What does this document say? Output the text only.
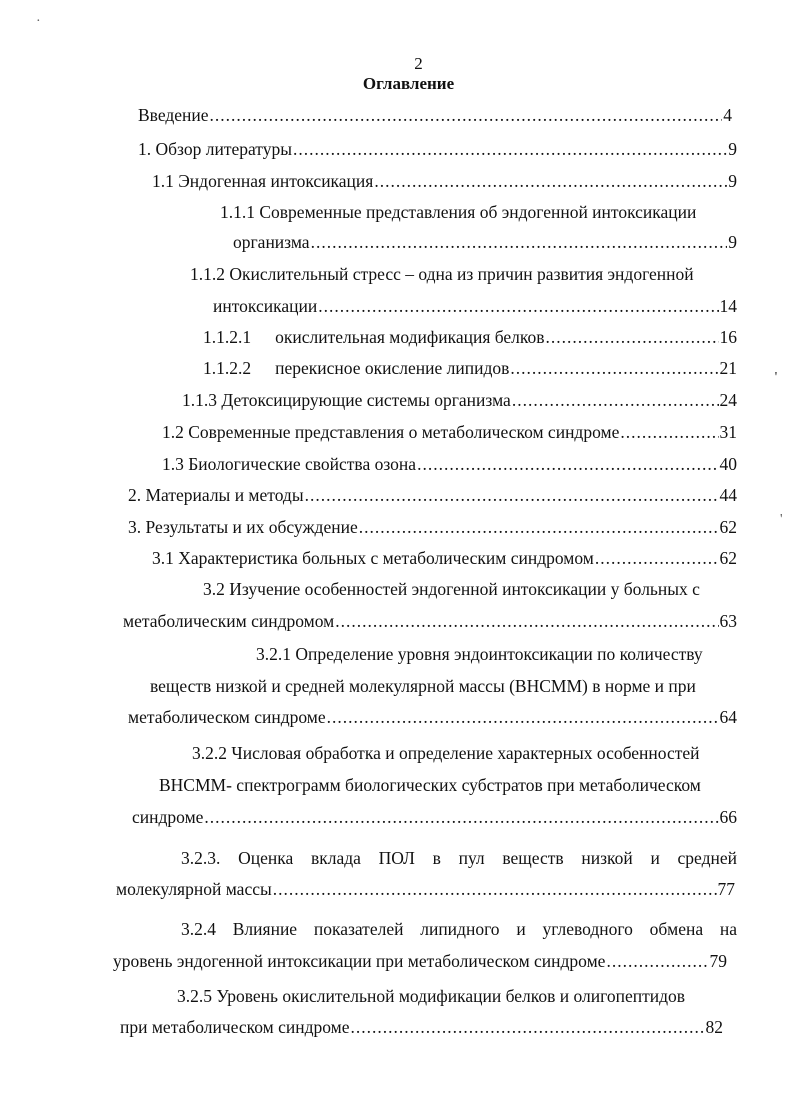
2
Оглавление
Введение .....	4
1. Обзор литературы .....	9
1.1 Эндогенная интоксикация .....	9
1.1.1 Современные представления об эндогенной интоксикации
организма .....	9
1.1.2 Окислительный стресс – одна из причин развития эндогенной
интоксикации .....	14
1.1.2.1 окислительная модификация белков .....	16
1.1.2.2 перекисное окисление липидов .....	21
1.1.3 Детоксицирующие системы организма .....	24
1.2 Современные представления о метаболическом синдроме .....	31
1.3 Биологические свойства озона .....	40
2. Материалы и методы .....	44
3. Результаты и их обсуждение .....	62
3.1 Характеристика больных с метаболическим синдромом .....	62
3.2 Изучение особенностей эндогенной интоксикации у больных с
метаболическим синдромом .....	63
3.2.1 Определение уровня эндоинтоксикации по количеству
веществ низкой и средней молекулярной массы (ВНСММ) в норме и при
метаболическом синдроме .....	64
3.2.2 Числовая обработка и определение характерных особенностей
ВНСММ- спектрограмм биологических субстратов при метаболическом
синдроме .....	66
3.2.3. Оценка вклада ПОЛ в пул веществ низкой и средней
молекулярной массы .....	77
3.2.4 Влияние показателей липидного и углеводного обмена на
уровень эндогенной интоксикации при метаболическом синдроме .....	79
3.2.5 Уровень окислительной модификации белков и олигопептидов
при метаболическом синдроме .....	82
'
'
·
